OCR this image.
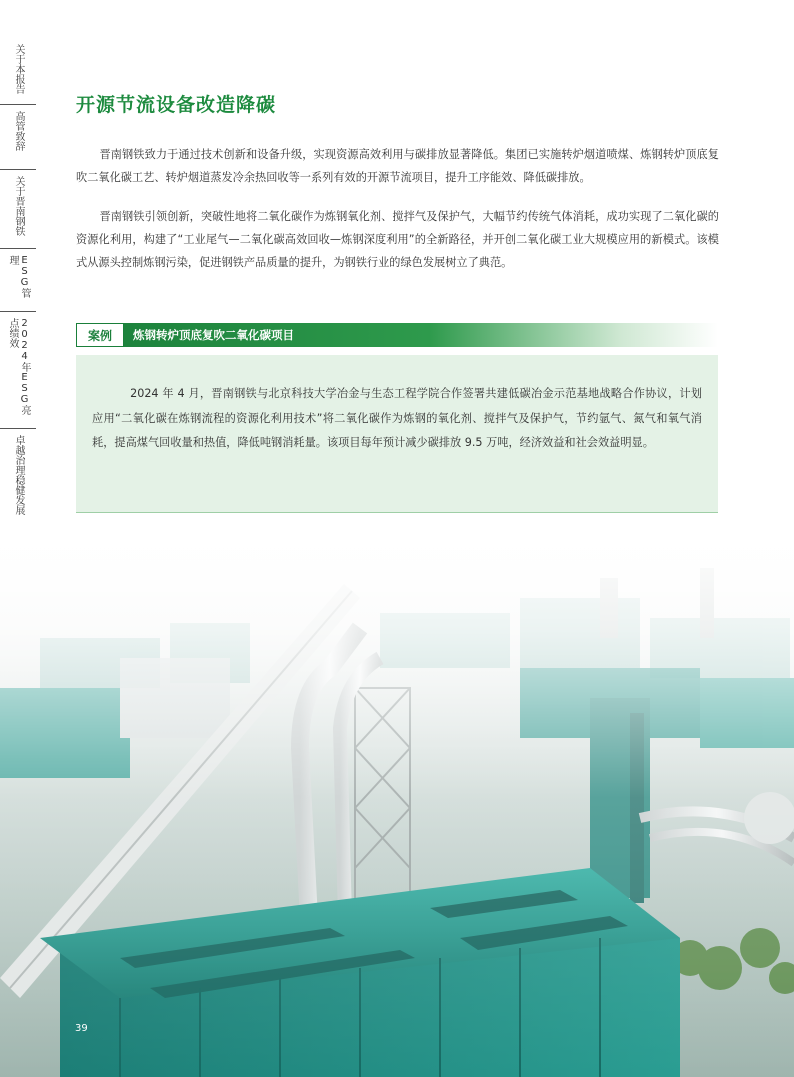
关于本报告
高管致辞
关于晋南钢铁
ESG管理
2024年ESG亮点绩效
卓越治理稳健发展
开源节流设备改造降碳

晋南钢铁致力于通过技术创新和设备升级，实现资源高效利用与碳排放显著降低。集团已实施转炉烟道喷煤、炼钢转炉顶底复吹二氧化碳工艺、转炉烟道蒸发冷余热回收等一系列有效的开源节流项目，提升工序能效、降低碳排放。

晋南钢铁引领创新，突破性地将二氧化碳作为炼钢氧化剂、搅拌气及保护气，大幅节约传统气体消耗，成功实现了二氧化碳的资源化利用，构建了“工业尾气—二氧化碳高效回收—炼钢深度利用”的全新路径，并开创二氧化碳工业大规模应用的新模式。该模式从源头控制炼钢污染，促进钢铁产品质量的提升，为钢铁行业的绿色发展树立了典范。

案例	炼钢转炉顶底复吹二氧化碳项目

2024 年 4 月，晋南钢铁与北京科技大学冶金与生态工程学院合作签署共建低碳冶金示范基地战略合作协议，计划应用“二氧化碳在炼钢流程的资源化利用技术”将二氧化碳作为炼钢的氧化剂、搅拌气及保护气，节约氩气、氮气和氧气消耗，提高煤气回收量和热值，降低吨钢消耗量。该项目每年预计减少碳排放 9.5 万吨，经济效益和社会效益明显。

39
